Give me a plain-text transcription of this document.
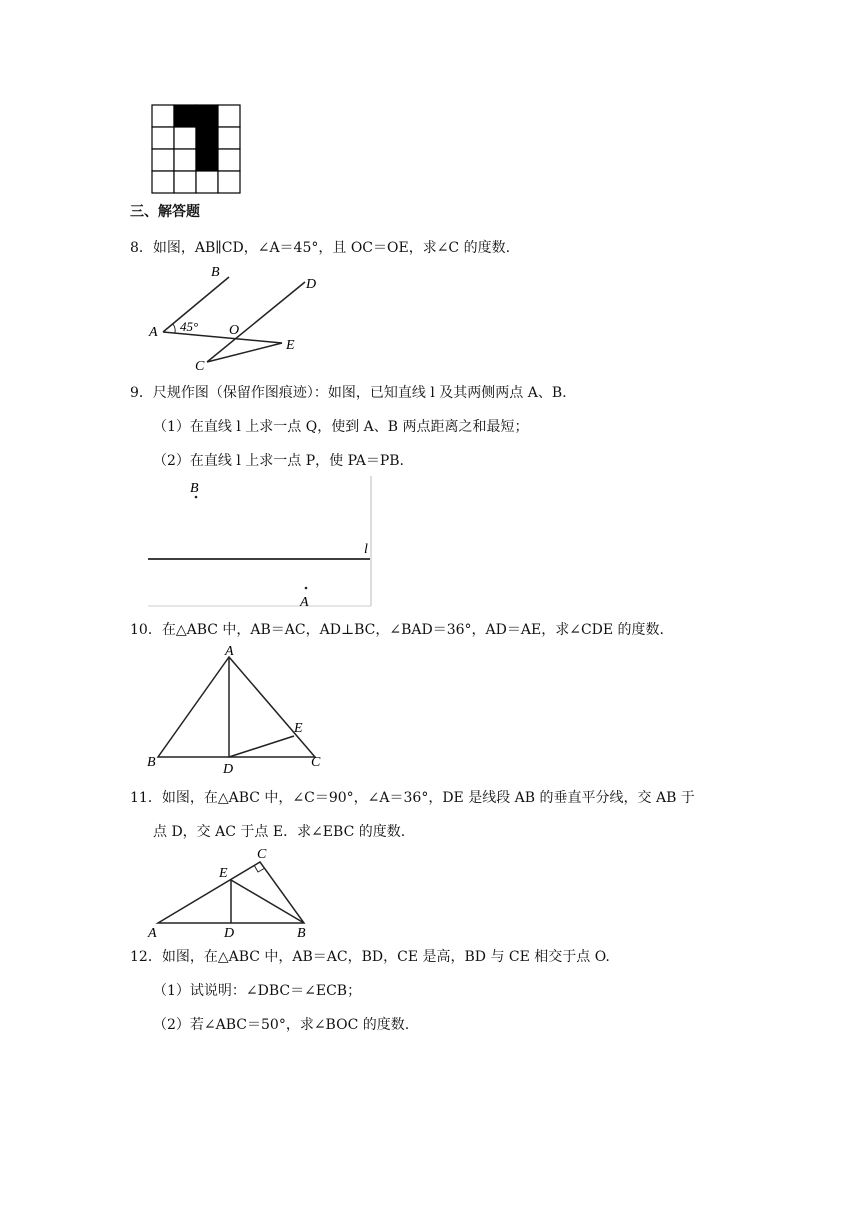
三、解答题
8．如图，AB∥CD，∠A＝45°，且 OC＝OE，求∠C 的度数.
A
B
C
D
E
O
45°
9．尺规作图（保留作图痕迹）：如图，已知直线 l 及其两侧两点 A、B.
（1）在直线 l 上求一点 Q，使到 A、B 两点距离之和最短；
（2）在直线 l 上求一点 P，使 PA＝PB.
B
A
l
10．在△ABC 中，AB＝AC，AD⊥BC，∠BAD＝36°，AD＝AE，求∠CDE 的度数.
A
B	C
D
E
11．如图，在△ABC 中，∠C＝90°，∠A＝36°，DE 是线段 AB 的垂直平分线，交 AB 于
点 D，交 AC 于点 E．求∠EBC 的度数.
A	B
C
D
E
12．如图，在△ABC 中，AB＝AC，BD，CE 是高，BD 与 CE 相交于点 O.
（1）试说明：∠DBC＝∠ECB；
（2）若∠ABC＝50°，求∠BOC 的度数.
